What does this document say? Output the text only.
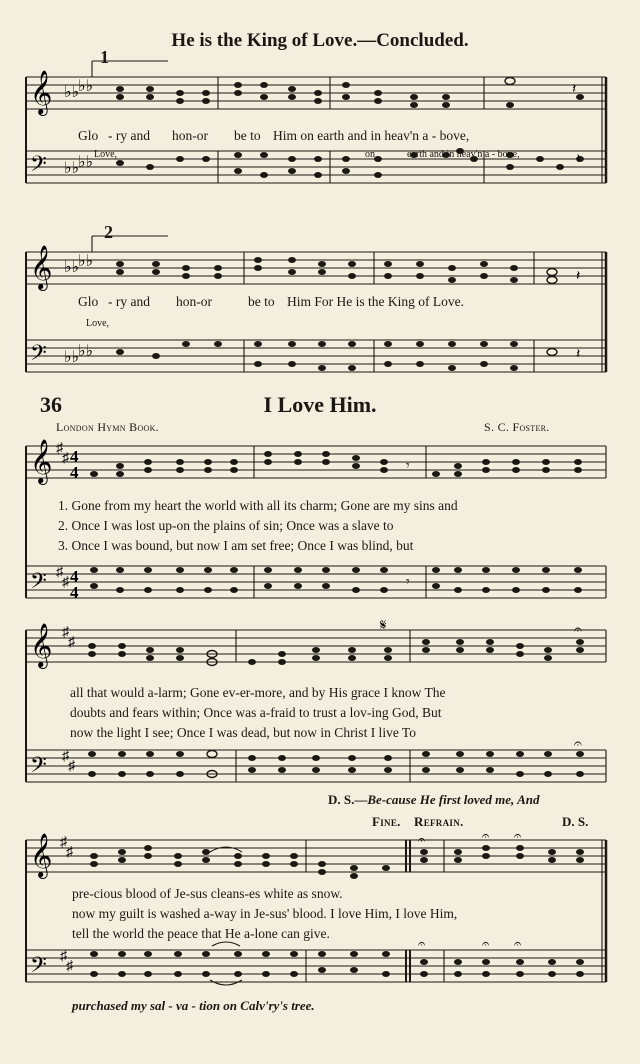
He is the King of Love.—Concluded.
𝄞
𝄢
♭♭
♭♭
♭♭
♭♭
𝄽
𝄽
Glo - ry and hon-or be to Him on earth and in heav'n a - bove,
Love,	on	earth and in heav'n a - bove,
1
𝄞
𝄢
♭♭
♭♭
♭♭
♭♭
𝄽
𝄽
Glo - ry and hon-or	be to Him For He is the King of Love.
Love,
2
36	I Love Him.
London Hymn Book.	S. C. Foster.
𝄞
𝄢
♯
♯
♯
♯
4
4
4
4
𝄾
𝄾
1. Gone from my heart the world with all its charm; Gone are my sins and
2. Once I was lost up-on the plains of sin; Once was a slave to
3. Once I was bound, but now I am set free; Once I was blind, but
𝄞
𝄢
♯
♯
♯
♯
𝄋	𝄐
𝄐
all that would a-larm; Gone ev-er-more, and by His grace I know The
doubts and fears within; Once was a-fraid to trust a lov-ing God, But
now the light I see; Once I was dead, but now in Christ I live To
D. S.—Be-cause He first loved me, And
Fine. Refrain.	D. S.
𝄞
𝄢
♯
♯
♯
♯
𝄐	𝄐 𝄐
𝄐	𝄐 𝄐
pre-cious blood of Je-sus cleans-es white as snow.
now my guilt is washed a-way in Je-sus' blood. I love Him, I love Him,
tell the world the peace that He a-lone can give.
purchased my sal - va - tion on Calv'ry's tree.
